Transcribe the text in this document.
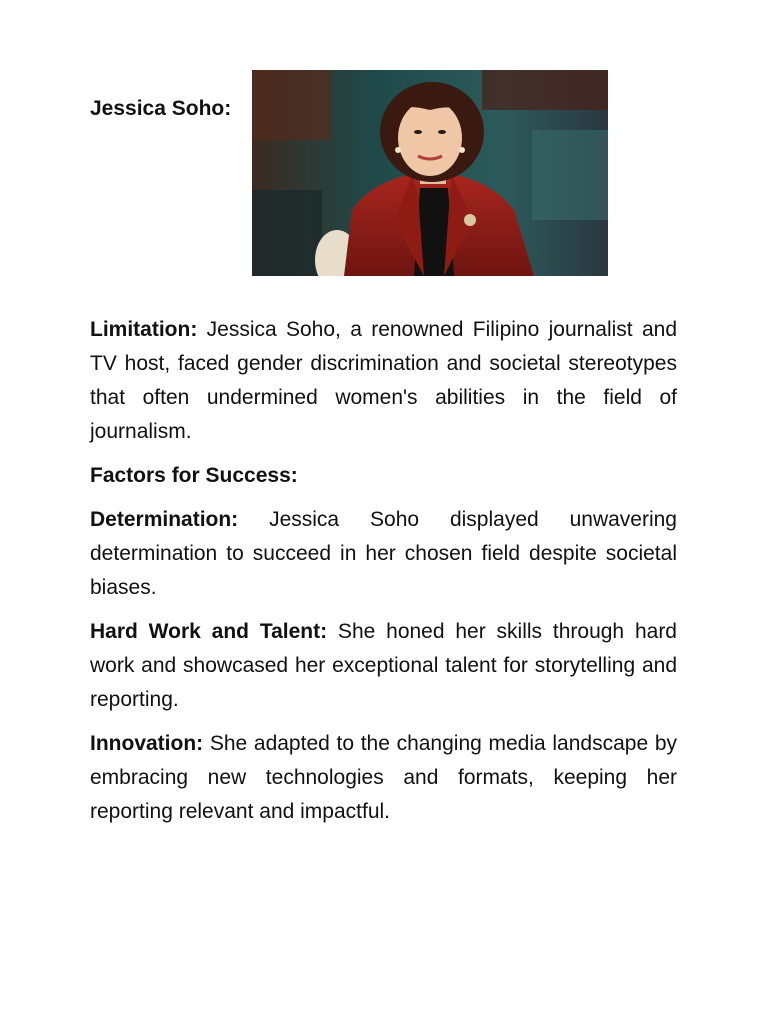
Jessica Soho:

Limitation: Jessica Soho, a renowned Filipino journalist and TV host, faced gender discrimination and societal stereotypes that often undermined women's abilities in the field of journalism.

Factors for Success:

Determination: Jessica Soho displayed unwavering determination to succeed in her chosen field despite societal biases.

Hard Work and Talent: She honed her skills through hard work and showcased her exceptional talent for storytelling and reporting.

Innovation: She adapted to the changing media landscape by embracing new technologies and formats, keeping her reporting relevant and impactful.
